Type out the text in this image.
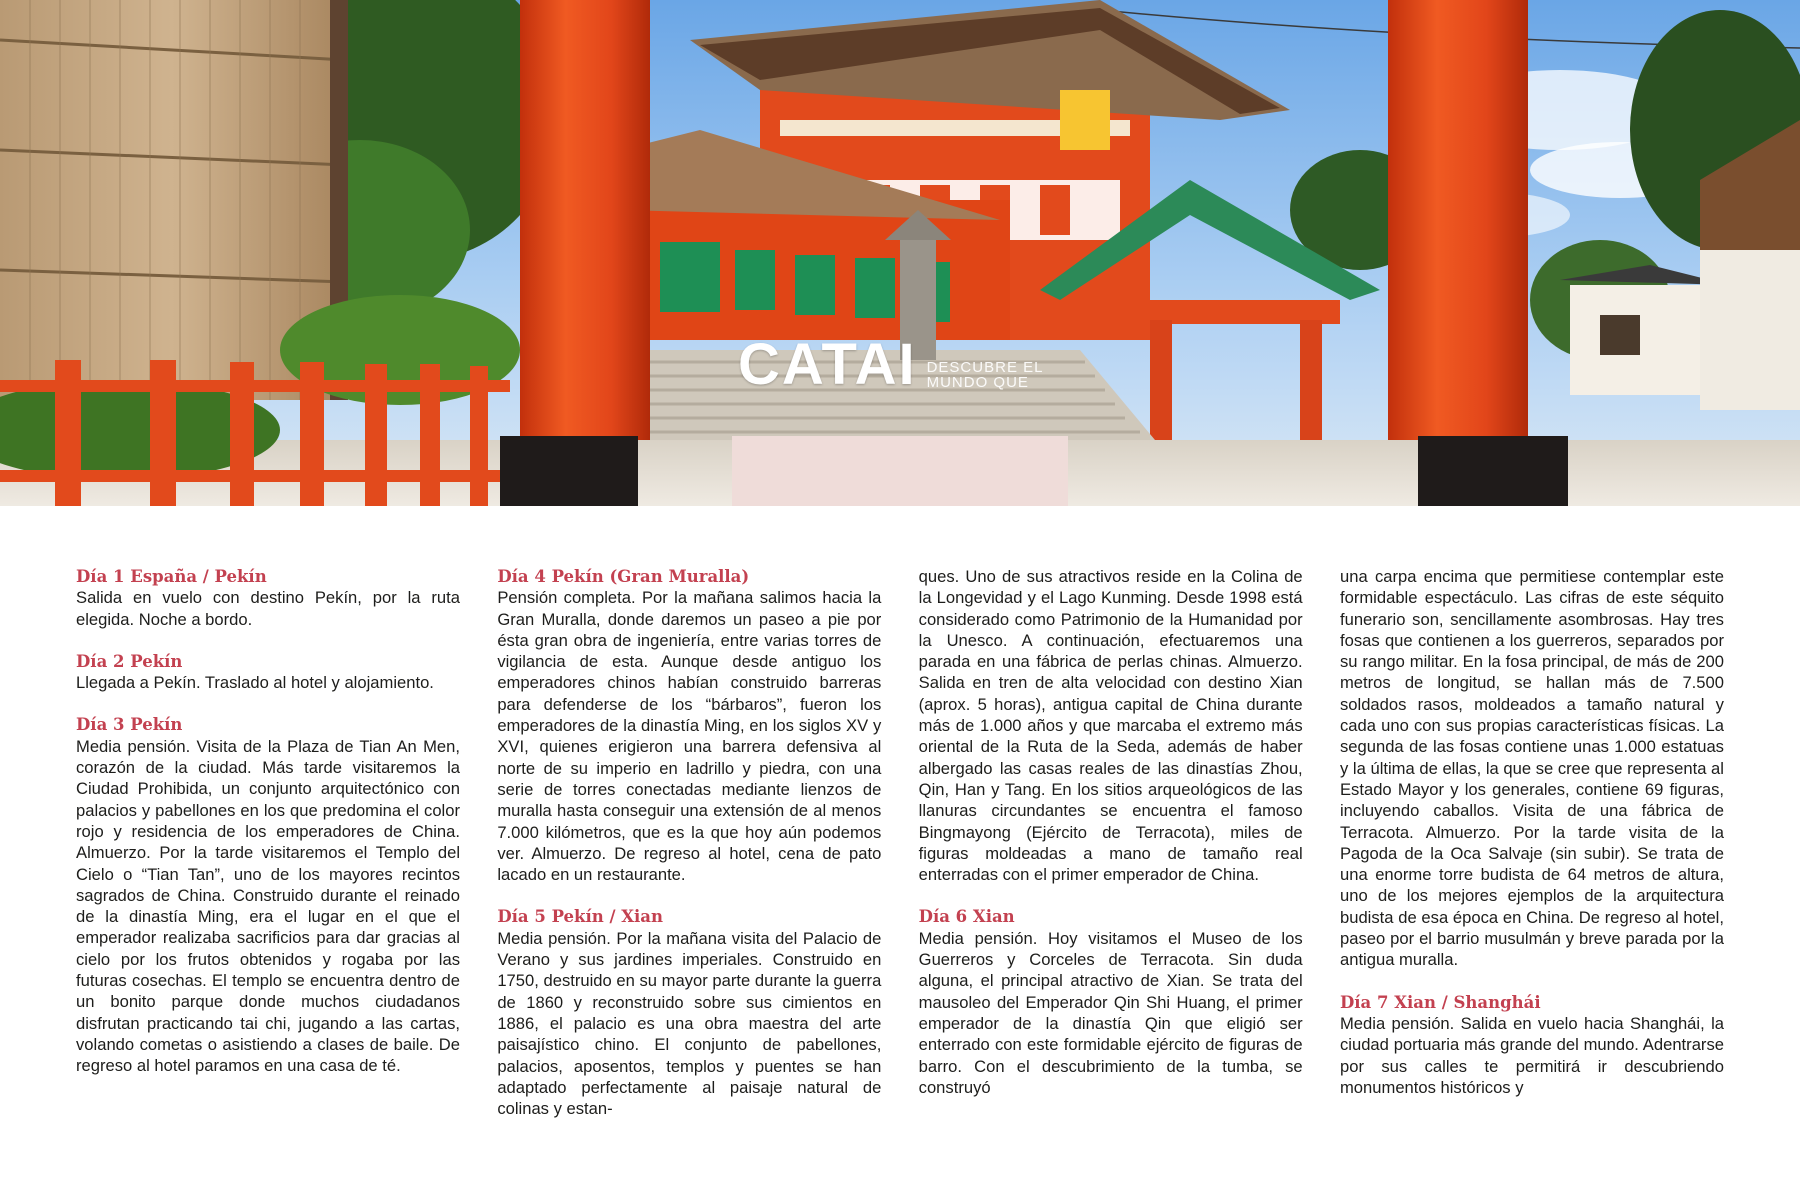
CATAI DESCUBRE EL
MUNDO QUE
Día 1 España / Pekín

Salida en vuelo con destino Pekín, por la ruta elegida. Noche a bordo.

Día 2 Pekín

Llegada a Pekín. Traslado al hotel y alojamiento.

Día 3 Pekín

Media pensión. Visita de la Plaza de Tian An Men, corazón de la ciudad. Más tarde visitaremos la Ciudad Prohibida, un conjunto arquitectónico con palacios y pabellones en los que predomina el color rojo y residencia de los emperadores de China. Almuerzo. Por la tarde visitaremos el Templo del Cielo o “Tian Tan”, uno de los mayores recintos sagrados de China. Construido durante el reinado de la dinastía Ming, era el lugar en el que el emperador realizaba sacrificios para dar gracias al cielo por los frutos obtenidos y rogaba por las futuras cosechas. El templo se encuentra dentro de un bonito parque donde muchos ciudadanos disfrutan practicando tai chi, jugando a las cartas, volando cometas o asistiendo a clases de baile. De regreso al hotel paramos en una casa de té.

Día 4 Pekín (Gran Muralla)

Pensión completa. Por la mañana salimos hacia la Gran Muralla, donde daremos un paseo a pie por ésta gran obra de ingeniería, entre varias torres de vigilancia de esta. Aunque desde antiguo los emperadores chinos habían construido barreras para defenderse de los “bárbaros”, fueron los emperadores de la dinastía Ming, en los siglos XV y XVI, quienes erigieron una barrera defensiva al norte de su imperio en ladrillo y piedra, con una serie de torres conectadas mediante lienzos de muralla hasta conseguir una extensión de al menos 7.000 kilómetros, que es la que hoy aún podemos ver. Almuerzo. De regreso al hotel, cena de pato lacado en un restaurante.

Día 5 Pekín / Xian

Media pensión. Por la mañana visita del Palacio de Verano y sus jardines imperiales. Construido en 1750, destruido en su mayor parte durante la guerra de 1860 y reconstruido sobre sus cimientos en 1886, el palacio es una obra maestra del arte paisajístico chino. El conjunto de pabellones, palacios, aposentos, templos y puentes se han adaptado perfectamente al paisaje natural de colinas y estan-

ques. Uno de sus atractivos reside en la Colina de la Longevidad y el Lago Kunming. Desde 1998 está considerado como Patrimonio de la Humanidad por la Unesco. A continuación, efectuaremos una parada en una fábrica de perlas chinas. Almuerzo. Salida en tren de alta velocidad con destino Xian (aprox. 5 horas), antigua capital de China durante más de 1.000 años y que marcaba el extremo más oriental de la Ruta de la Seda, además de haber albergado las casas reales de las dinastías Zhou, Qin, Han y Tang. En los sitios arqueológicos de las llanuras circundantes se encuentra el famoso Bingmayong (Ejército de Terracota), miles de figuras moldeadas a mano de tamaño real enterradas con el primer emperador de China.

Día 6 Xian

Media pensión. Hoy visitamos el Museo de los Guerreros y Corceles de Terracota. Sin duda alguna, el principal atractivo de Xian. Se trata del mausoleo del Emperador Qin Shi Huang, el primer emperador de la dinastía Qin que eligió ser enterrado con este formidable ejército de figuras de barro. Con el descubrimiento de la tumba, se construyó

una carpa encima que permitiese contemplar este formidable espectáculo. Las cifras de este séquito funerario son, sencillamente asombrosas. Hay tres fosas que contienen a los guerreros, separados por su rango militar. En la fosa principal, de más de 200 metros de longitud, se hallan más de 7.500 soldados rasos, moldeados a tamaño natural y cada uno con sus propias características físicas. La segunda de las fosas contiene unas 1.000 estatuas y la última de ellas, la que se cree que representa al Estado Mayor y los generales, contiene 69 figuras, incluyendo caballos. Visita de una fábrica de Terracota. Almuerzo. Por la tarde visita de la Pagoda de la Oca Salvaje (sin subir). Se trata de una enorme torre budista de 64 metros de altura, uno de los mejores ejemplos de la arquitectura budista de esa época en China. De regreso al hotel, paseo por el barrio musulmán y breve parada por la antigua muralla.

Día 7 Xian / Shanghái

Media pensión. Salida en vuelo hacia Shanghái, la ciudad portuaria más grande del mundo. Adentrarse por sus calles te permitirá ir descubriendo monumentos históricos y
